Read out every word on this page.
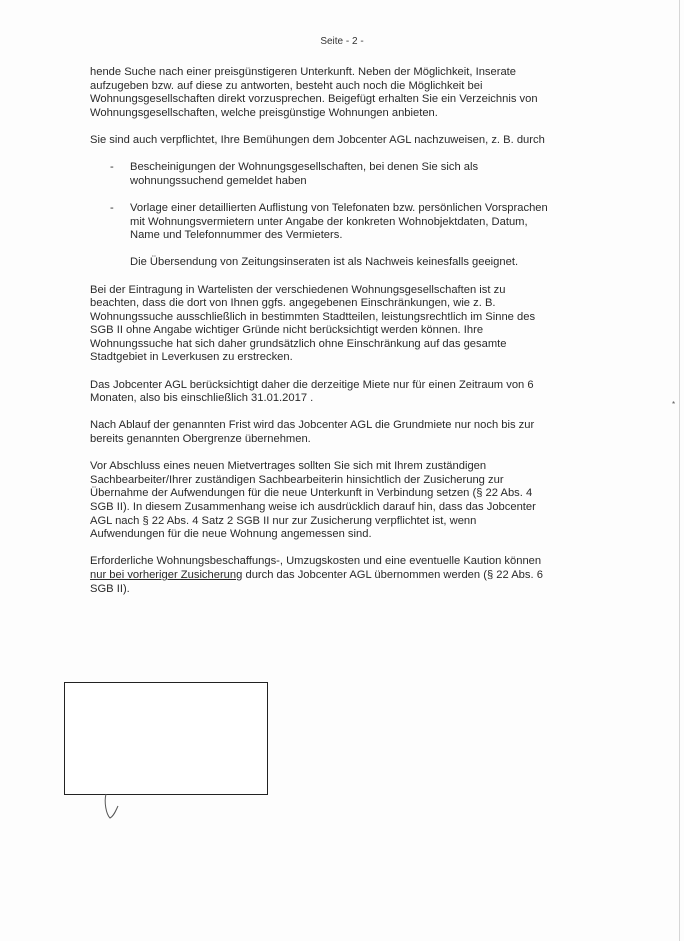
Seite - 2 -

hende Suche nach einer preisgünstigeren Unterkunft. Neben der Möglichkeit, Inserate aufzugeben bzw. auf diese zu antworten, besteht auch noch die Möglichkeit bei Wohnungsgesellschaften direkt vorzusprechen. Beigefügt erhalten Sie ein Verzeichnis von Wohnungsgesellschaften, welche preisgünstige Wohnungen anbieten.

Sie sind auch verpflichtet, Ihre Bemühungen dem Jobcenter AGL nachzuweisen, z. B. durch

- Bescheinigungen der Wohnungsgesellschaften, bei denen Sie sich als wohnungssuchend gemeldet haben
- Vorlage einer detaillierten Auflistung von Telefonaten bzw. persönlichen Vorsprachen mit Wohnungsvermietern unter Angabe der konkreten Wohnobjektdaten, Datum, Name und Telefonnummer des Vermieters.
Die Übersendung von Zeitungsinseraten ist als Nachweis keinesfalls geeignet.

Bei der Eintragung in Wartelisten der verschiedenen Wohnungsgesellschaften ist zu beachten, dass die dort von Ihnen ggfs. angegebenen Einschränkungen, wie z. B. Wohnungssuche ausschließlich in bestimmten Stadtteilen, leistungsrechtlich im Sinne des SGB II ohne Angabe wichtiger Gründe nicht berücksichtigt werden können. Ihre Wohnungssuche hat sich daher grundsätzlich ohne Einschränkung auf das gesamte Stadtgebiet in Leverkusen zu erstrecken.

Das Jobcenter AGL berücksichtigt daher die derzeitige Miete nur für einen Zeitraum von 6 Monaten, also bis einschließlich 31.01.2017 .

Nach Ablauf der genannten Frist wird das Jobcenter AGL die Grundmiete nur noch bis zur bereits genannten Obergrenze übernehmen.

Vor Abschluss eines neuen Mietvertrages sollten Sie sich mit Ihrem zuständigen Sachbearbeiter/Ihrer zuständigen Sachbearbeiterin hinsichtlich der Zusicherung zur Übernahme der Aufwendungen für die neue Unterkunft in Verbindung setzen (§ 22 Abs. 4 SGB II). In diesem Zusammenhang weise ich ausdrücklich darauf hin, dass das Jobcenter AGL nach § 22 Abs. 4 Satz 2 SGB II nur zur Zusicherung verpflichtet ist, wenn Aufwendungen für die neue Wohnung angemessen sind.

Erforderliche Wohnungsbeschaffungs-, Umzugskosten und eine eventuelle Kaution können nur bei vorheriger Zusicherung durch das Jobcenter AGL übernommen werden (§ 22 Abs. 6 SGB II).

*
